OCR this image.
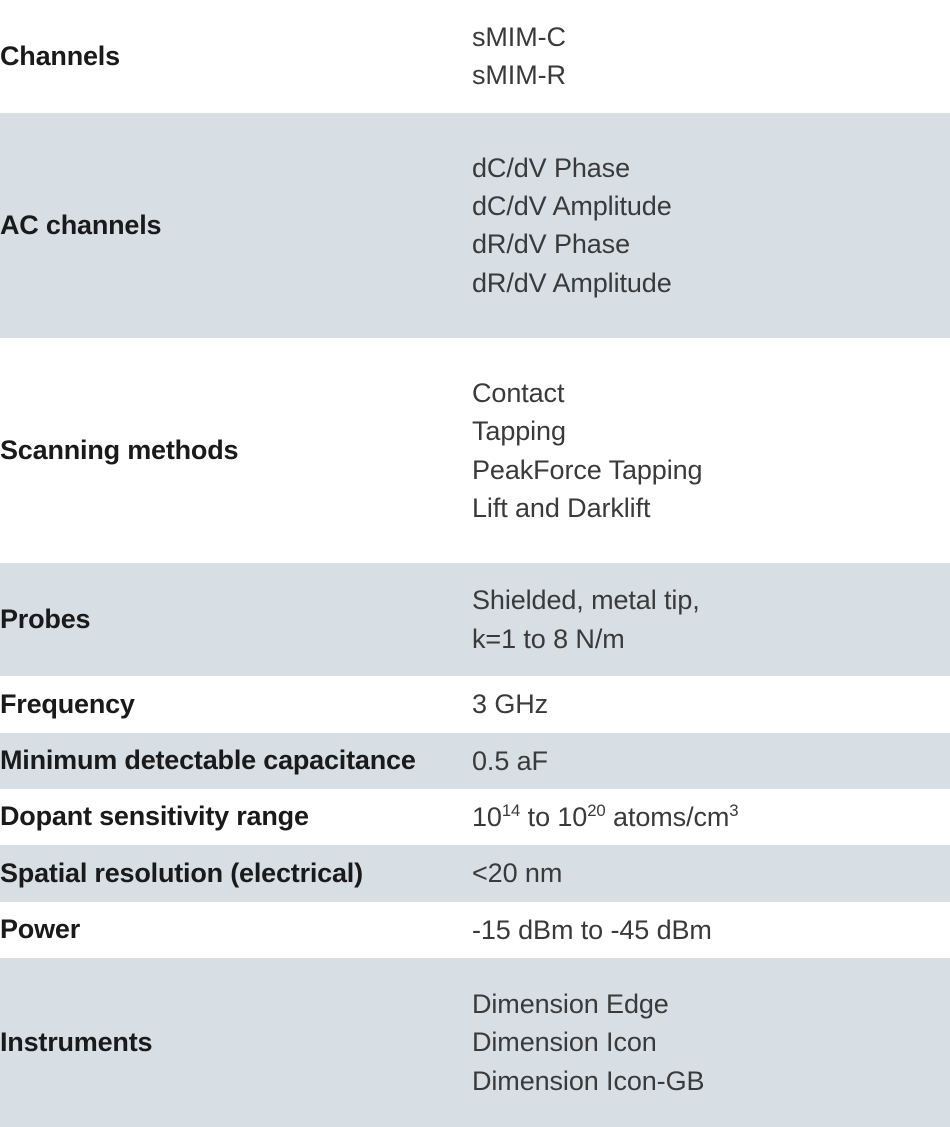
Channels	sMIM-C
sMIM-R

AC channels	dC/dV Phase
dC/dV Amplitude
dR/dV Phase
dR/dV Amplitude

Scanning methods	Contact
Tapping
PeakForce Tapping
Lift and Darklift

Probes	Shielded, metal tip,
k=1 to 8 N/m

Frequency	3 GHz

Minimum detectable capacitance	0.5 aF

Dopant sensitivity range	$10^{14}$ to $10^{20}$ atoms/$cm^3$

Spatial resolution (electrical)	<20 nm

Power	-15 dBm to -45 dBm

Instruments	Dimension Edge
Dimension Icon
Dimension Icon-GB
